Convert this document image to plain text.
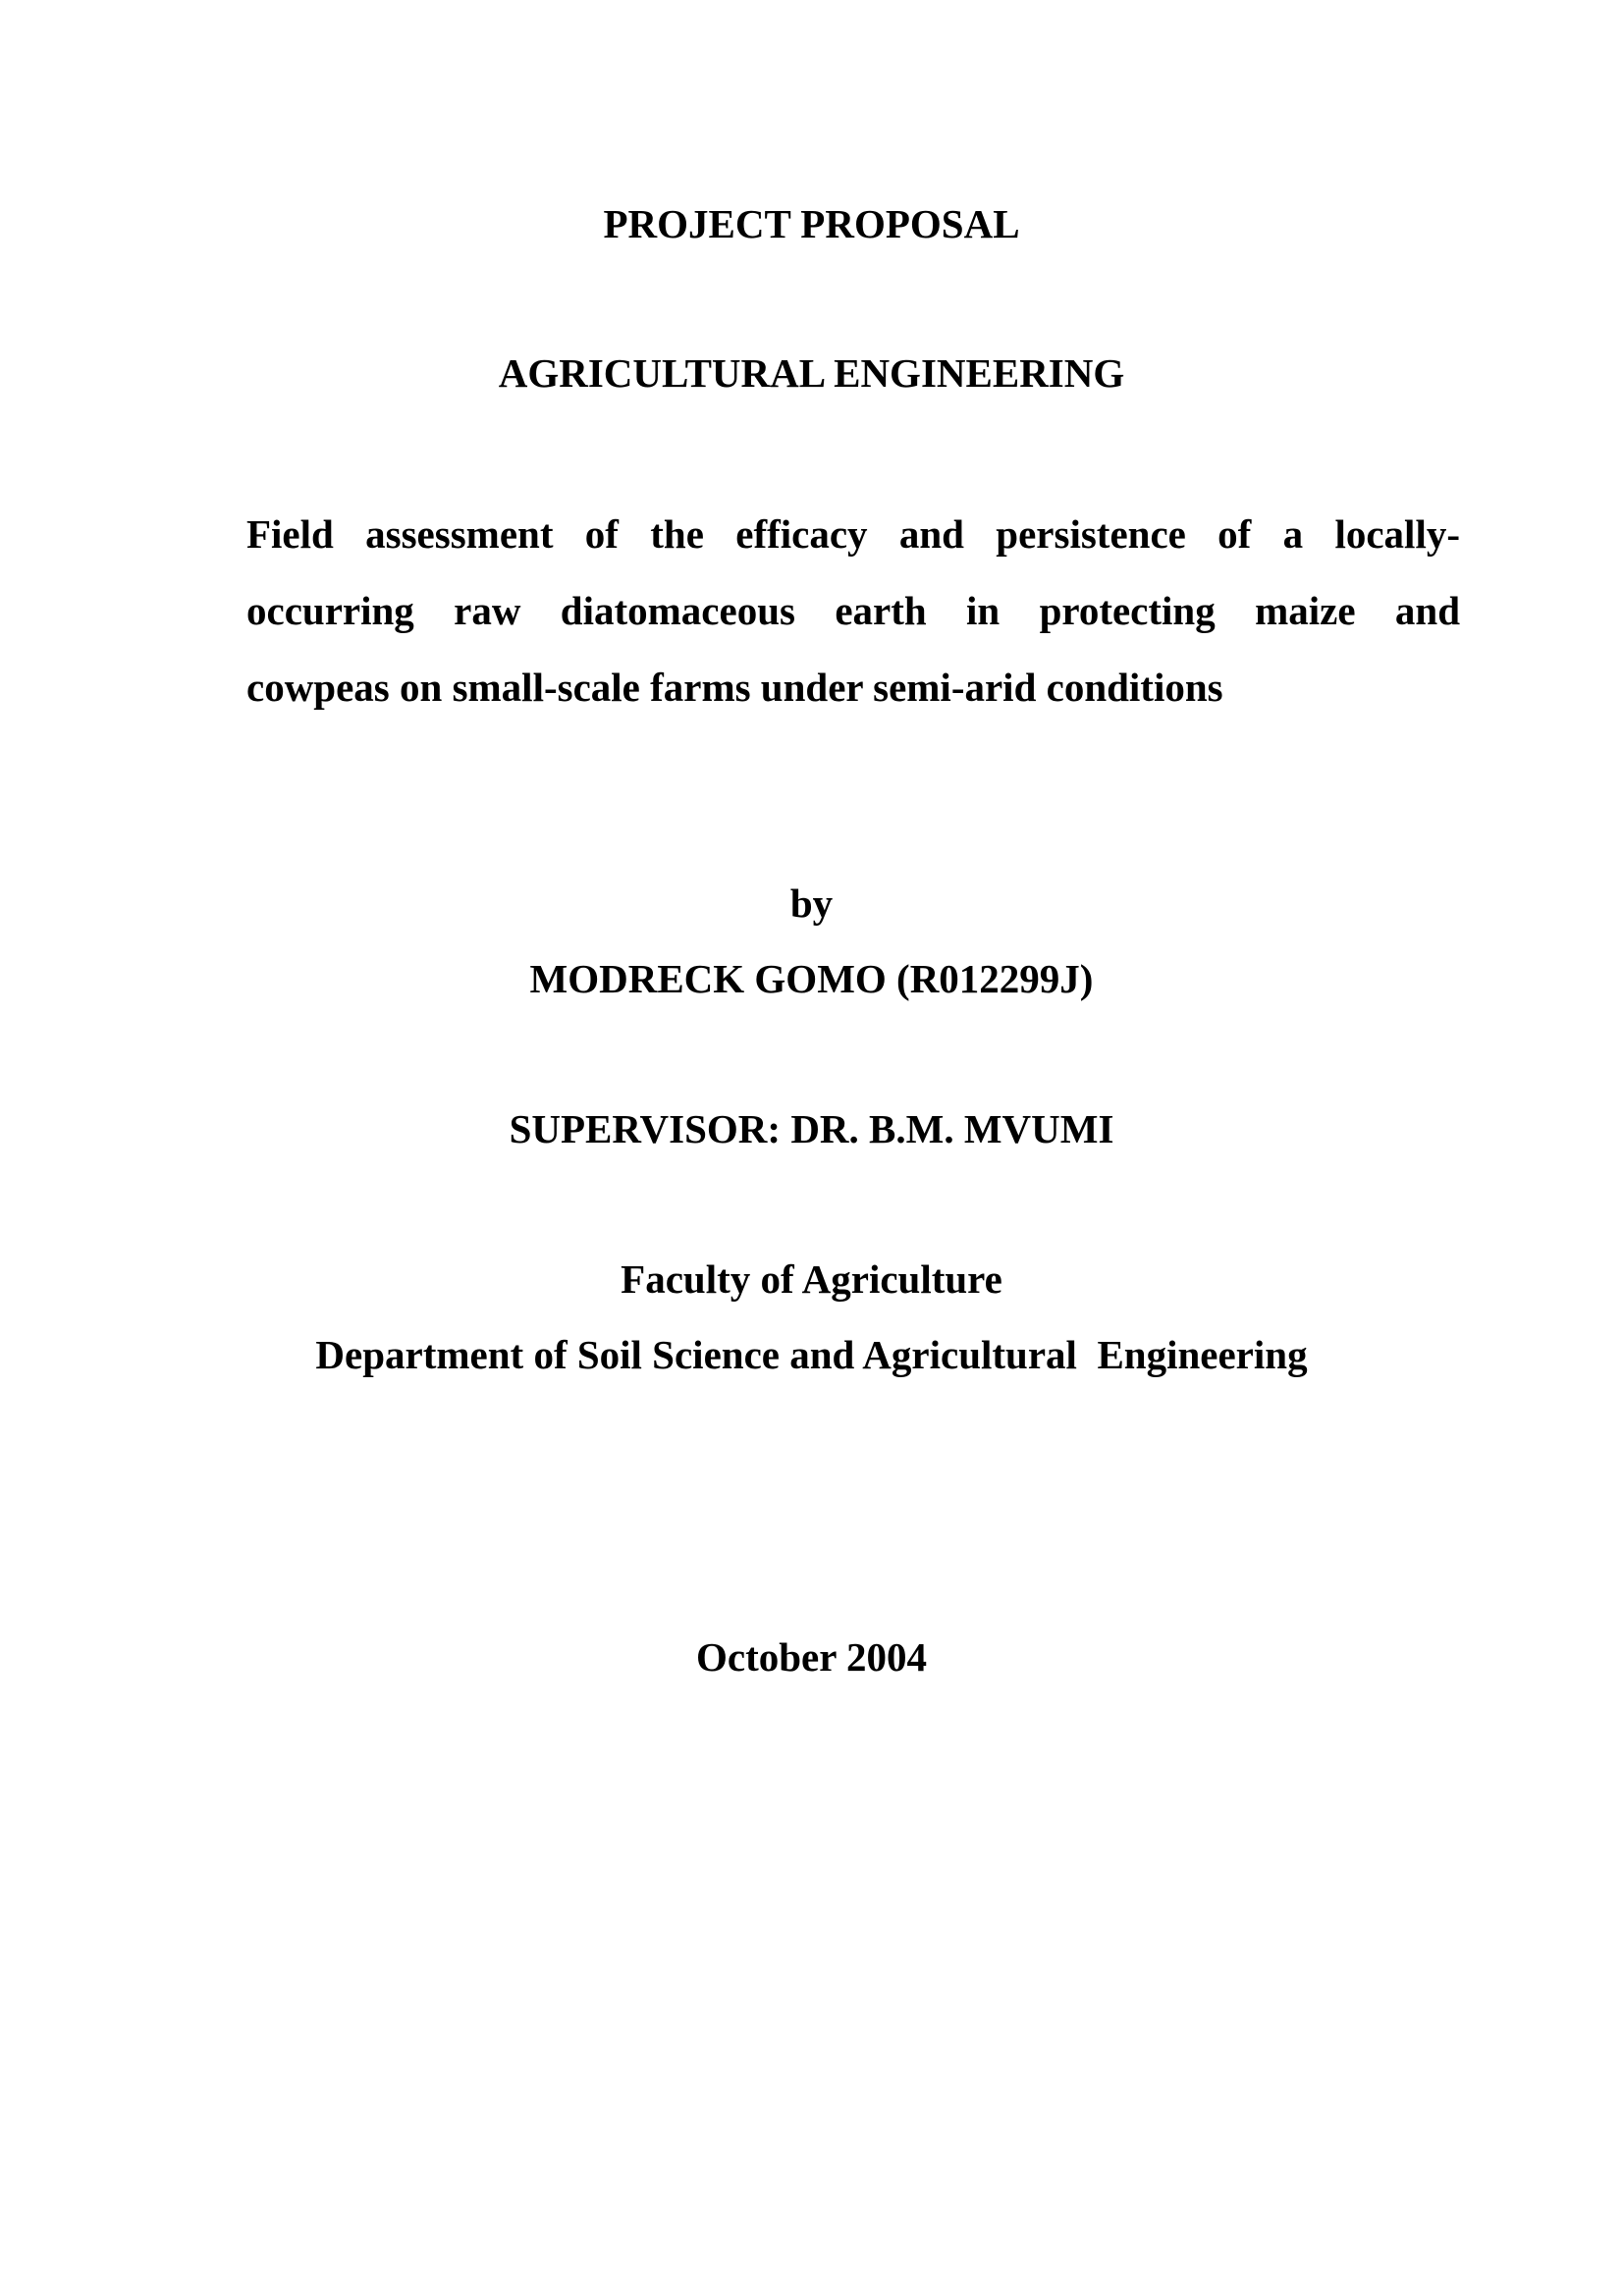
PROJECT PROPOSAL
AGRICULTURAL ENGINEERING
Field assessment of the efficacy and persistence of a locally-
occurring raw diatomaceous earth in protecting maize and
cowpeas on small-scale farms under semi-arid conditions
by
MODRECK GOMO (R012299J)
SUPERVISOR: DR. B.M. MVUMI
Faculty of Agriculture
Department of Soil Science and Agricultural  Engineering
October 2004
